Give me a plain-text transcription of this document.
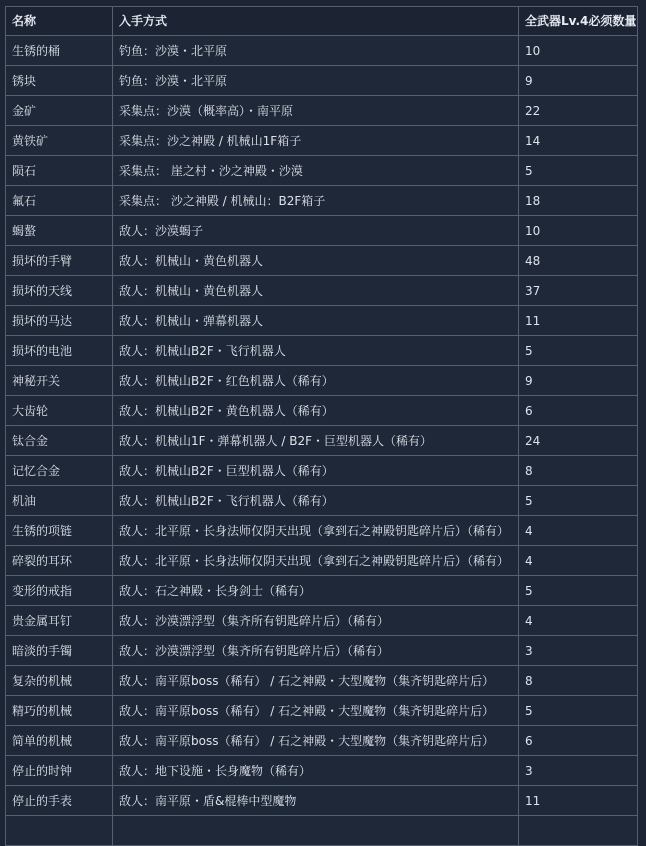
名称	入手方式	全武器Lv.4必须数量
生锈的桶	钓鱼：沙漠・北平原	10
锈块	钓鱼：沙漠・北平原	9
金矿	采集点：沙漠（概率高）・南平原	22
黄铁矿	采集点：沙之神殿 / 机械山1F箱子	14
陨石	采集点： 崖之村・沙之神殿・沙漠	5
氟石	采集点： 沙之神殿 / 机械山：B2F箱子	18
蝎螯	敌人：沙漠蝎子	10
损坏的手臂	敌人：机械山・黄色机器人	48
损坏的天线	敌人：机械山・黄色机器人	37
损坏的马达	敌人：机械山・弹幕机器人	11
损坏的电池	敌人：机械山B2F・飞行机器人	5
神秘开关	敌人：机械山B2F・红色机器人（稀有）	9
大齿轮	敌人：机械山B2F・黄色机器人（稀有）	6
钛合金	敌人：机械山1F・弹幕机器人 / B2F・巨型机器人（稀有）	24
记忆合金	敌人：机械山B2F・巨型机器人（稀有）	8
机油	敌人：机械山B2F・飞行机器人（稀有）	5
生锈的项链	敌人：北平原・长身法师仅阴天出现（拿到石之神殿钥匙碎片后）（稀有）	4
碎裂的耳环	敌人：北平原・长身法师仅阴天出现（拿到石之神殿钥匙碎片后）（稀有）	4
变形的戒指	敌人：石之神殿・长身剑士（稀有）	5
贵金属耳钉	敌人：沙漠漂浮型（集齐所有钥匙碎片后）（稀有）	4
暗淡的手镯	敌人：沙漠漂浮型（集齐所有钥匙碎片后）（稀有）	3
复杂的机械	敌人：南平原boss（稀有） / 石之神殿・大型魔物（集齐钥匙碎片后）	8
精巧的机械	敌人：南平原boss（稀有） / 石之神殿・大型魔物（集齐钥匙碎片后）	5
简单的机械	敌人：南平原boss（稀有） / 石之神殿・大型魔物（集齐钥匙碎片后）	6
停止的时钟	敌人：地下设施・长身魔物（稀有）	3
停止的手表	敌人：南平原・盾&棍棒中型魔物	11
